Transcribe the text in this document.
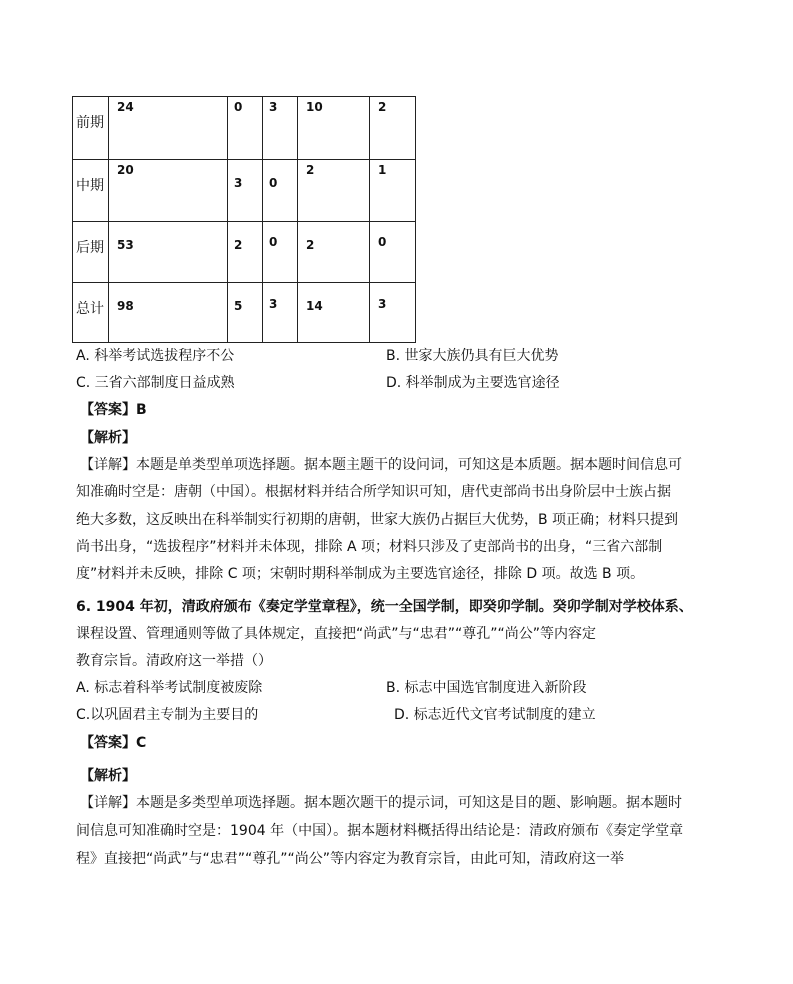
前期	24	0	3	10	2

中期	20	3	0	2	1

后期	53	2	0	2	0

总计	98	5	3	14	3
A. 科举考试选拔程序不公	B. 世家大族仍具有巨大优势
C. 三省六部制度日益成熟	D. 科举制成为主要选官途径
【答案】B
【解析】
【详解】本题是单类型单项选择题。据本题主题干的设问词，可知这是本质题。据本题时间信息可
知准确时空是：唐朝（中国）。根据材料并结合所学知识可知，唐代吏部尚书出身阶层中士族占据
绝大多数，这反映出在科举制实行初期的唐朝，世家大族仍占据巨大优势，B 项正确；材料只提到
尚书出身，“选拔程序”材料并未体现，排除 A 项；材料只涉及了吏部尚书的出身，“三省六部制
度”材料并未反映，排除 C 项；宋朝时期科举制成为主要选官途径，排除 D 项。故选 B 项。
6. 1904 年初，清政府颁布《奏定学堂章程》，统一全国学制，即癸卯学制。癸卯学制对学校体系、
课程设置、管理通则等做了具体规定，直接把“尚武”与“忠君”“尊孔”“尚公”等内容定
教育宗旨。清政府这一举措（）
A. 标志着科举考试制度被废除	B. 标志中国选官制度进入新阶段
C.以巩固君主专制为主要目的	D. 标志近代文官考试制度的建立
【答案】C
【解析】
【详解】本题是多类型单项选择题。据本题次题干的提示词，可知这是目的题、影响题。据本题时
间信息可知准确时空是：1904 年（中国）。据本题材料概括得出结论是：清政府颁布《奏定学堂章
程》直接把“尚武”与“忠君”“尊孔”“尚公”等内容定为教育宗旨，由此可知，清政府这一举
